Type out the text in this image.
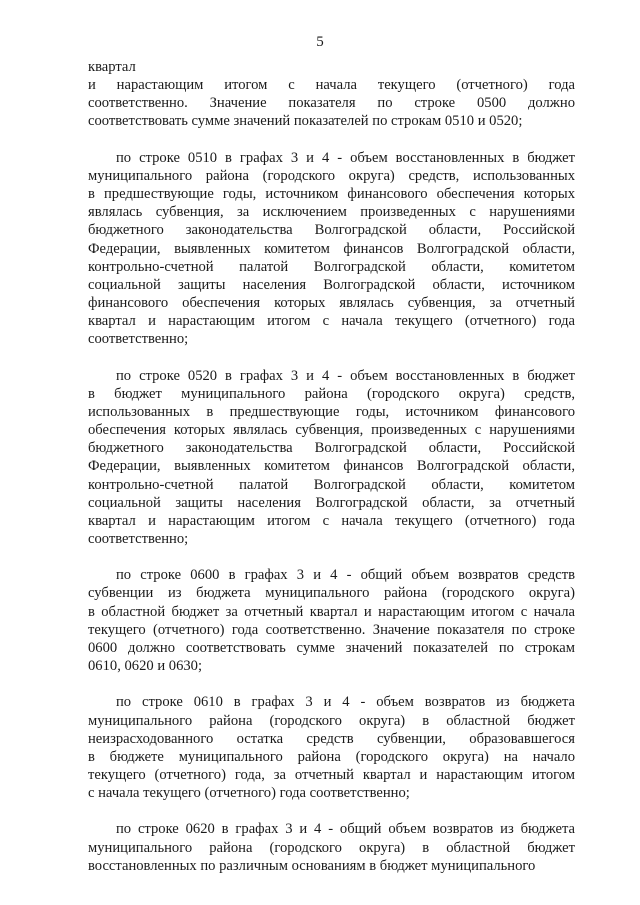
5

квартал
и нарастающим итогом с начала текущего (отчетного) года
соответственно. Значение показателя по строке 0500 должно
соответствовать сумме значений показателей по строкам 0510 и 0520;

по строке 0510 в графах 3 и 4 - объем восстановленных в бюджет
муниципального района (городского округа) средств, использованных
в предшествующие годы, источником финансового обеспечения которых
являлась субвенция, за исключением произведенных с нарушениями
бюджетного законодательства Волгоградской области, Российской
Федерации, выявленных комитетом финансов Волгоградской области,
контрольно-счетной палатой Волгоградской области, комитетом
социальной защиты населения Волгоградской области, источником
финансового обеспечения которых являлась субвенция, за отчетный
квартал и нарастающим итогом с начала текущего (отчетного) года
соответственно;

по строке 0520 в графах 3 и 4 - объем восстановленных в бюджет
в бюджет муниципального района (городского округа) средств,
использованных в предшествующие годы, источником финансового
обеспечения которых являлась субвенция, произведенных с нарушениями
бюджетного законодательства Волгоградской области, Российской
Федерации, выявленных комитетом финансов Волгоградской области,
контрольно-счетной палатой Волгоградской области, комитетом
социальной защиты населения Волгоградской области, за отчетный
квартал и нарастающим итогом с начала текущего (отчетного) года
соответственно;

по строке 0600 в графах 3 и 4 - общий объем возвратов средств
субвенции из бюджета муниципального района (городского округа)
в областной бюджет за отчетный квартал и нарастающим итогом с начала
текущего (отчетного) года соответственно. Значение показателя по строке
0600 должно соответствовать сумме значений показателей по строкам
0610, 0620 и 0630;

по строке 0610 в графах 3 и 4 - объем возвратов из бюджета
муниципального района (городского округа) в областной бюджет
неизрасходованного остатка средств субвенции, образовавшегося
в бюджете муниципального района (городского округа) на начало
текущего (отчетного) года, за отчетный квартал и нарастающим итогом
с начала текущего (отчетного) года соответственно;

по строке 0620 в графах 3 и 4 - общий объем возвратов из бюджета
муниципального района (городского округа) в областной бюджет
восстановленных по различным основаниям в бюджет муниципального
